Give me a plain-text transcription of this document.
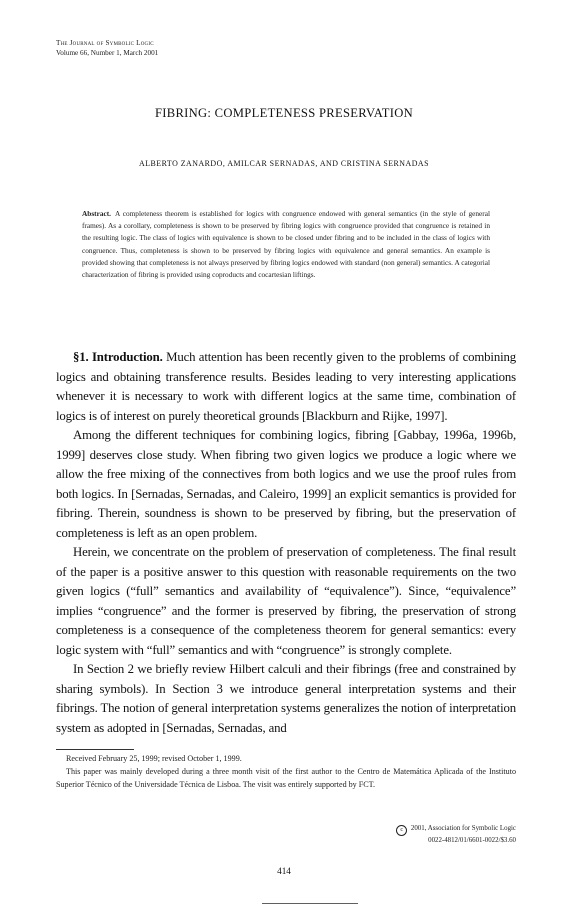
The Journal of Symbolic Logic
Volume 66, Number 1, March 2001
FIBRING: COMPLETENESS PRESERVATION
ALBERTO ZANARDO, AMILCAR SERNADAS, AND CRISTINA SERNADAS
Abstract. A completeness theorem is established for logics with congruence endowed with general semantics (in the style of general frames). As a corollary, completeness is shown to be preserved by fibring logics with congruence provided that congruence is retained in the resulting logic. The class of logics with equivalence is shown to be closed under fibring and to be included in the class of logics with congruence. Thus, completeness is shown to be preserved by fibring logics with equivalence and general semantics. An example is provided showing that completeness is not always preserved by fibring logics endowed with standard (non general) semantics. A categorial characterization of fibring is provided using coproducts and cocartesian liftings.

§1. Introduction. Much attention has been recently given to the problems of combining logics and obtaining transference results. Besides leading to very interesting applications whenever it is necessary to work with different logics at the same time, combination of logics is of interest on purely theoretical grounds [Blackburn and Rijke, 1997].

Among the different techniques for combining logics, fibring [Gabbay, 1996a, 1996b, 1999] deserves close study. When fibring two given logics we produce a logic where we allow the free mixing of the connectives from both logics and we use the proof rules from both logics. In [Sernadas, Sernadas, and Caleiro, 1999] an explicit semantics is provided for fibring. Therein, soundness is shown to be preserved by fibring, but the preservation of completeness is left as an open problem.

Herein, we concentrate on the problem of preservation of completeness. The final result of the paper is a positive answer to this question with reasonable requirements on the two given logics (“full” semantics and availability of “equivalence”). Since, “equivalence” implies “congruence” and the former is preserved by fibring, the preservation of strong completeness is a consequence of the completeness theorem for general semantics: every logic system with “full” semantics and with “congruence” is strongly complete.

In Section 2 we briefly review Hilbert calculi and their fibrings (free and constrained by sharing symbols). In Section 3 we introduce general interpretation systems and their fibrings. The notion of general interpretation systems generalizes the notion of interpretation system as adopted in [Sernadas, Sernadas, and

Received February 25, 1999; revised October 1, 1999.

This paper was mainly developed during a three month visit of the first author to the Centro de Matemática Aplicada of the Instituto Superior Técnico of the Universidade Técnica de Lisboa. The visit was entirely supported by FCT.

c 2001, Association for Symbolic Logic
0022-4812/01/6601-0022/$3.60
414
